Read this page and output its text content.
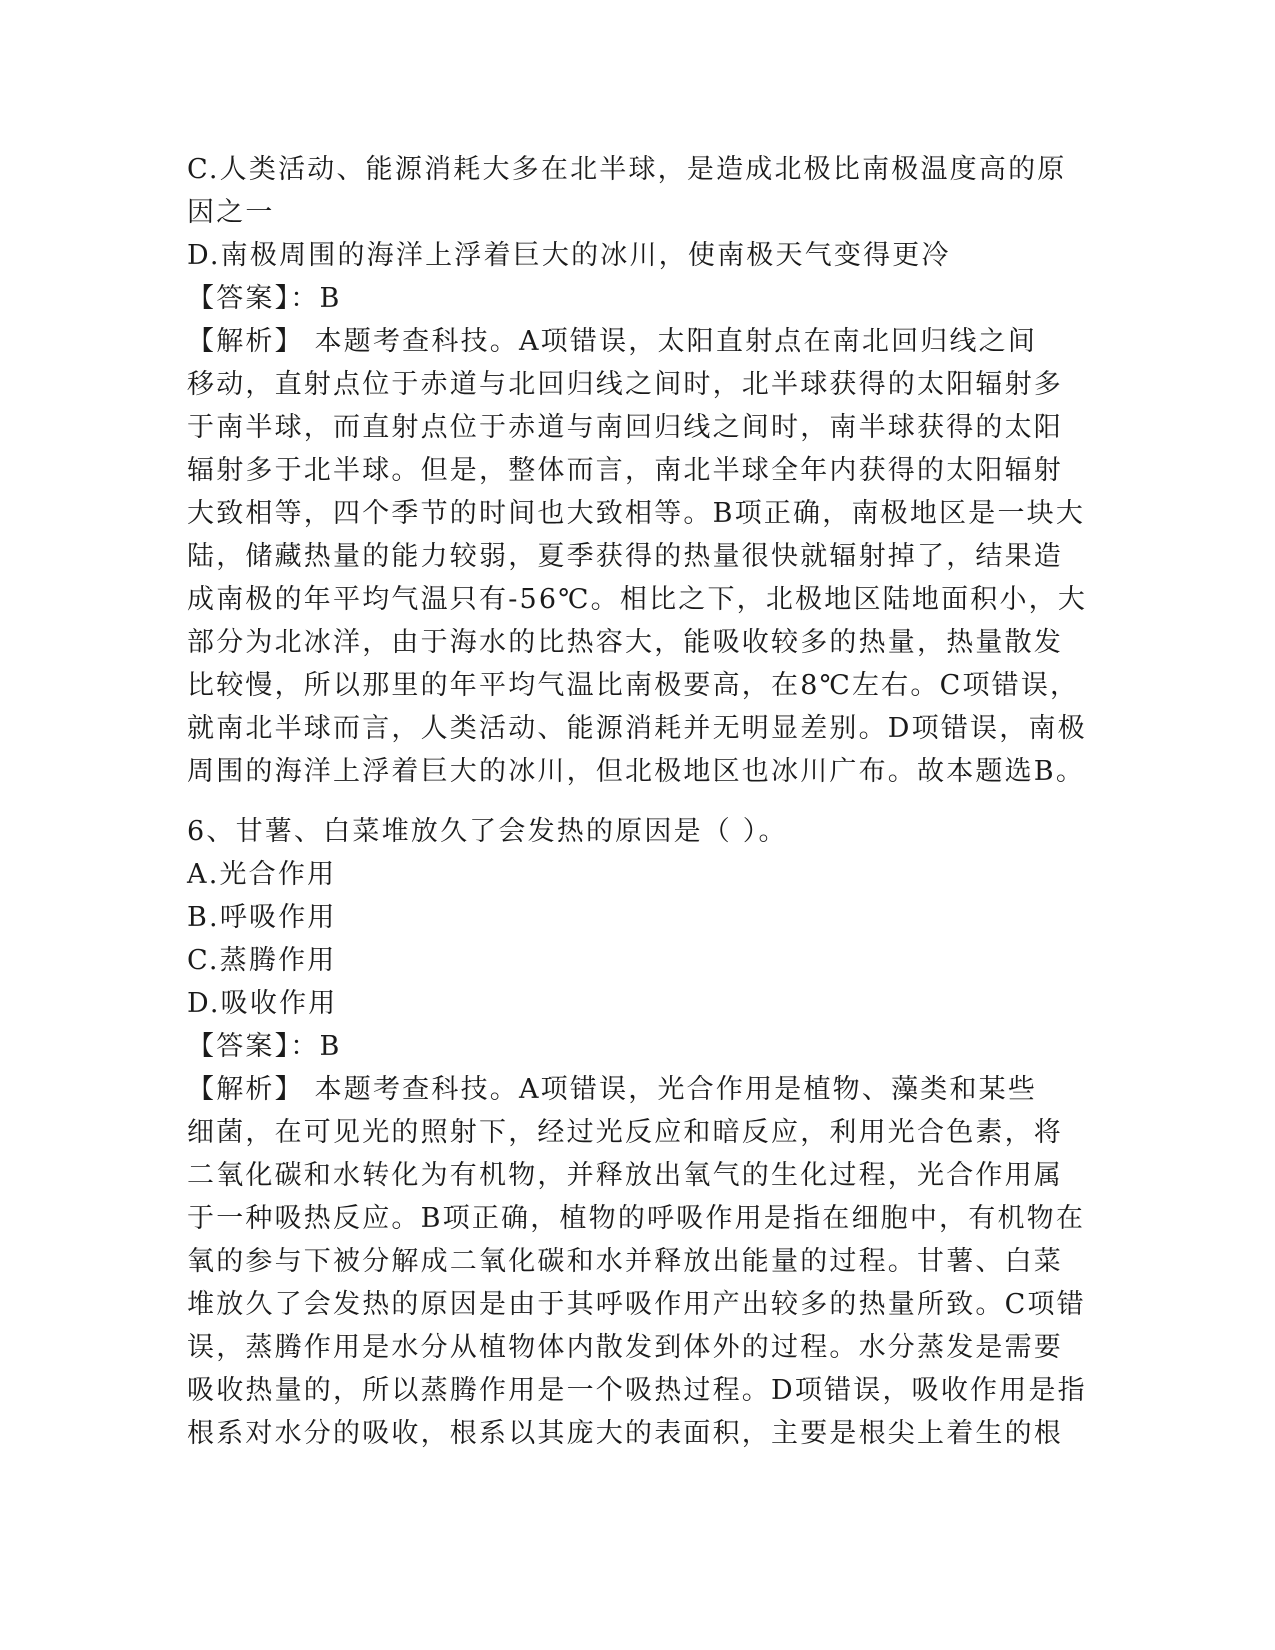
C.人类活动、能源消耗大多在北半球，是造成北极比南极温度高的原
因之一
D.南极周围的海洋上浮着巨大的冰川，使南极天气变得更冷
【答案】：B
【解析】 本题考查科技。A项错误，太阳直射点在南北回归线之间
移动，直射点位于赤道与北回归线之间时，北半球获得的太阳辐射多
于南半球，而直射点位于赤道与南回归线之间时，南半球获得的太阳
辐射多于北半球。但是，整体而言，南北半球全年内获得的太阳辐射
大致相等，四个季节的时间也大致相等。B项正确，南极地区是一块大
陆，储藏热量的能力较弱，夏季获得的热量很快就辐射掉了，结果造
成南极的年平均气温只有-56℃。相比之下，北极地区陆地面积小，大
部分为北冰洋，由于海水的比热容大，能吸收较多的热量，热量散发
比较慢，所以那里的年平均气温比南极要高，在8℃左右。C项错误，
就南北半球而言，人类活动、能源消耗并无明显差别。D项错误，南极
周围的海洋上浮着巨大的冰川，但北极地区也冰川广布。故本题选B。
6、甘薯、白菜堆放久了会发热的原因是（ ）。
A.光合作用
B.呼吸作用
C.蒸腾作用
D.吸收作用
【答案】：B
【解析】 本题考查科技。A项错误，光合作用是植物、藻类和某些
细菌，在可见光的照射下，经过光反应和暗反应，利用光合色素，将
二氧化碳和水转化为有机物，并释放出氧气的生化过程，光合作用属
于一种吸热反应。B项正确，植物的呼吸作用是指在细胞中，有机物在
氧的参与下被分解成二氧化碳和水并释放出能量的过程。甘薯、白菜
堆放久了会发热的原因是由于其呼吸作用产出较多的热量所致。C项错
误，蒸腾作用是水分从植物体内散发到体外的过程。水分蒸发是需要
吸收热量的，所以蒸腾作用是一个吸热过程。D项错误，吸收作用是指
根系对水分的吸收，根系以其庞大的表面积，主要是根尖上着生的根
